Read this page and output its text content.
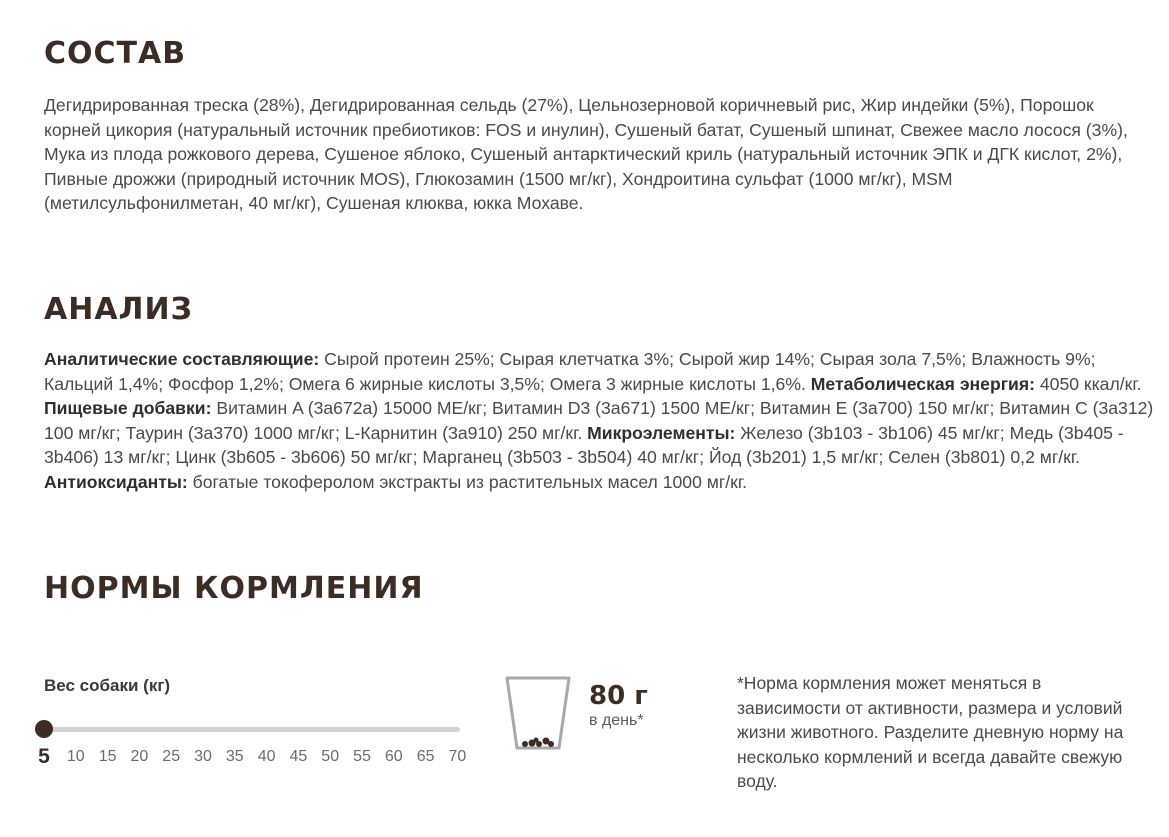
СОСТАВ

Дегидрированная треска (28%), Дегидрированная сельдь (27%), Цельнозерновой коричневый рис, Жир индейки (5%), Порошок корней цикория (натуральный источник пребиотиков: FOS и инулин), Сушеный батат, Сушеный шпинат, Свежее масло лосося (3%), Мука из плода рожкового дерева, Сушеное яблоко, Сушеный антарктический криль (натуральный источник ЭПК и ДГК кислот, 2%), Пивные дрожжи (природный источник MOS), Глюкозамин (1500 мг/кг), Хондроитина сульфат (1000 мг/кг), MSM (метилсульфонилметан, 40 мг/кг), Сушеная клюква, юкка Мохаве.

АНАЛИЗ

Аналитические составляющие: Сырой протеин 25%; Сырая клетчатка 3%; Сырой жир 14%; Сырая зола 7,5%; Влажность 9%; Кальций 1,4%; Фосфор 1,2%; Омега 6 жирные кислоты 3,5%; Омега 3 жирные кислоты 1,6%. Метаболическая энергия: 4050 ккал/кг. Пищевые добавки: Витамин A (3a672a) 15000 МЕ/кг; Витамин D3 (3a671) 1500 МЕ/кг; Витамин E (3a700) 150 мг/кг; Витамин C (3a312) 100 мг/кг; Таурин (3a370) 1000 мг/кг; L-Карнитин (3a910) 250 мг/кг. Микроэлементы: Железо (3b103 - 3b106) 45 мг/кг; Медь (3b405 - 3b406) 13 мг/кг; Цинк (3b605 - 3b606) 50 мг/кг; Марганец (3b503 - 3b504) 40 мг/кг; Йод (3b201) 1,5 мг/кг; Селен (3b801) 0,2 мг/кг. Антиоксиданты: богатые токоферолом экстракты из растительных масел 1000 мг/кг.

НОРМЫ КОРМЛЕНИЯ
Вес собаки (кг)
5 10 15 20 25 30 35 40 45 50 55 60 65 70
80 г
в день*

*Норма кормления может меняться в зависимости от активности, размера и условий жизни животного. Разделите дневную норму на несколько кормлений и всегда давайте свежую воду.
